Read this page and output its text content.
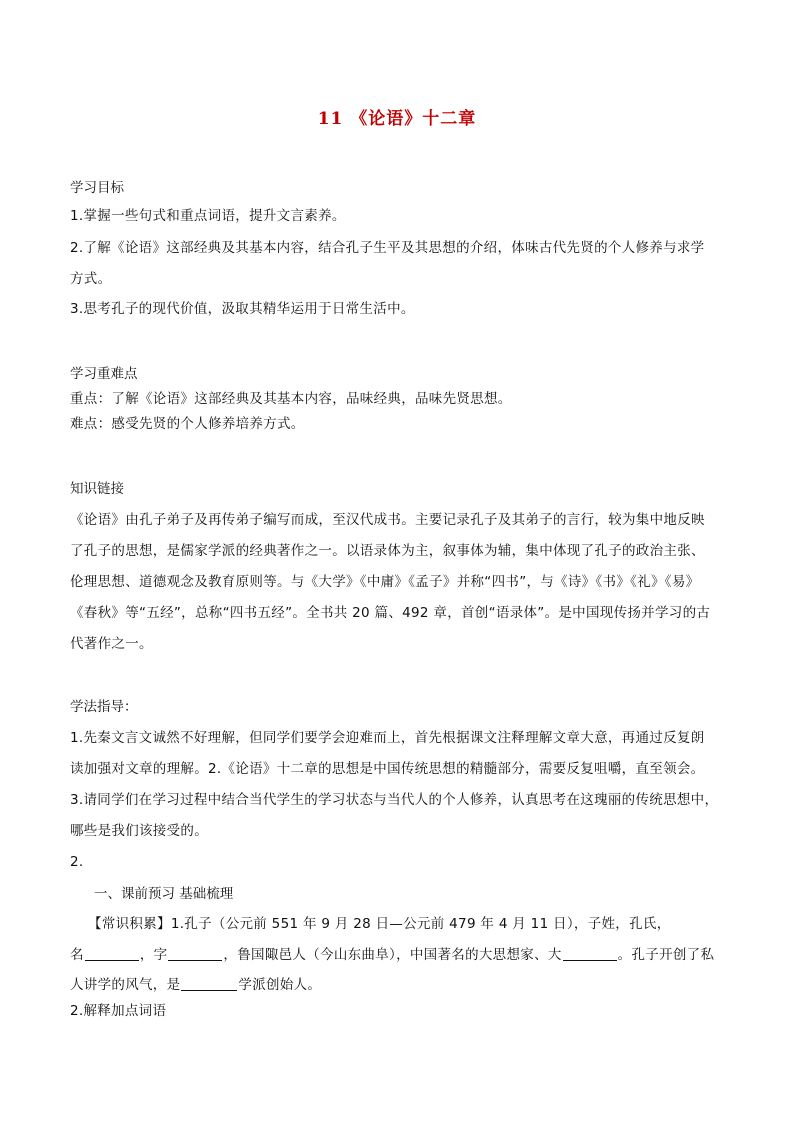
11 《论语》十二章
学习目标
1.掌握一些句式和重点词语，提升文言素养。
2.了解《论语》这部经典及其基本内容，结合孔子生平及其思想的介绍，体味古代先贤的个人修养与求学
方式。
3.思考孔子的现代价值，汲取其精华运用于日常生活中。
学习重难点
重点：了解《论语》这部经典及其基本内容，品味经典，品味先贤思想。
难点：感受先贤的个人修养培养方式。
知识链接
《论语》由孔子弟子及再传弟子编写而成，至汉代成书。主要记录孔子及其弟子的言行，较为集中地反映
了孔子的思想，是儒家学派的经典著作之一。以语录体为主，叙事体为辅，集中体现了孔子的政治主张、
伦理思想、道德观念及教育原则等。与《大学》《中庸》《孟子》并称“四书”，与《诗》《书》《礼》《易》
《春秋》等“五经”，总称“四书五经”。全书共 20 篇、492 章，首创“语录体”。是中国现传扬并学习的古
代著作之一。
学法指导：
1.先秦文言文诚然不好理解，但同学们要学会迎难而上，首先根据课文注释理解文章大意，再通过反复朗
读加强对文章的理解。2.《论语》十二章的思想是中国传统思想的精髓部分，需要反复咀嚼，直至领会。
3.请同学们在学习过程中结合当代学生的学习状态与当代人的个人修养，认真思考在这瑰丽的传统思想中，
哪些是我们该接受的。
2.
一、课前预习 基础梳理
【常识积累】1.孔子（公元前 551 年 9 月 28 日—公元前 479 年 4 月 11 日），子姓，孔氏，
名	，字	，鲁国陬邑人（今山东曲阜），中国著名的大思想家、大	。孔子开创了私
人讲学的风气，是	学派创始人。
2.解释加点词语
